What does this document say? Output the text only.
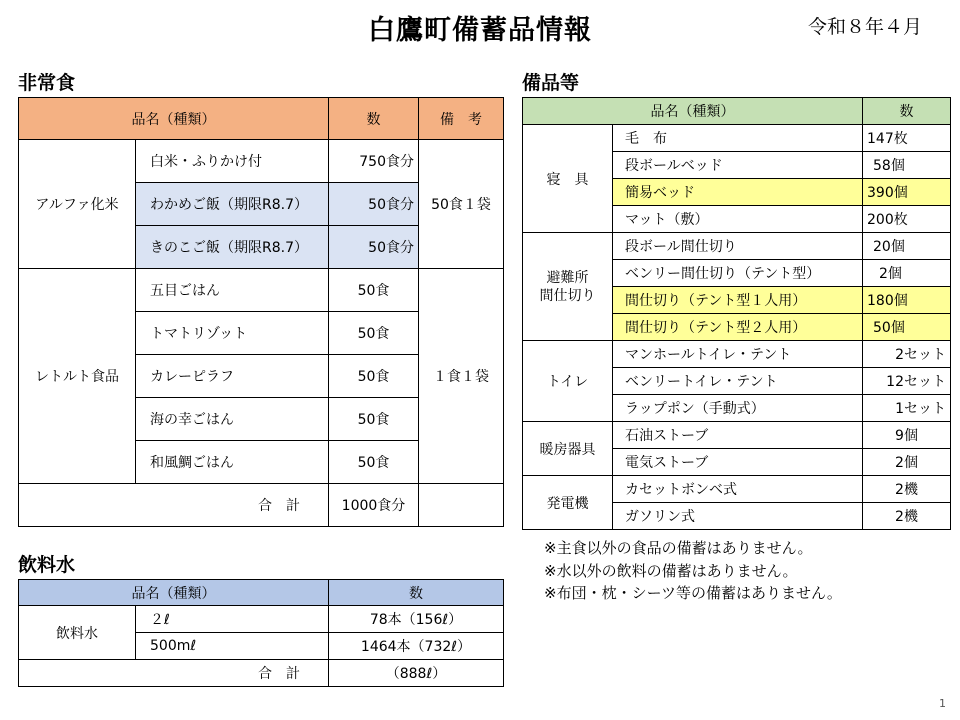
白鷹町備蓄品情報	令和８年４月
非常食
品名（種類）		数	備　考
アルファ化米	白米・ふりかけ付	750食分	50食１袋
	わかめご飯（期限R8.7）	50食分	
	きのこご飯（期限R8.7）	50食分	
レトルト食品	五目ごはん	50食	１食１袋
	トマトリゾット	50食	
	カレーピラフ	50食	
	海の幸ごはん	50食	
	和風鯛ごはん	50食	
合　計		1000食分	
飲料水
品名（種類）		数
飲料水	２ℓ	78本（156ℓ）
	500mℓ	1464本（732ℓ）
合　計		（888ℓ）
備品等
品名（種類）		数
寝　具	毛　布	147枚
	段ボールベッド	58個
	簡易ベッド	390個
	マット（敷）	200枚
避難所
間仕切り	段ボール間仕切り	20個
	ベンリー間仕切り（テント型）	2個
	間仕切り（テント型１人用）	180個
	間仕切り（テント型２人用）	50個
トイレ	マンホールトイレ・テント	2セット
	ベンリートイレ・テント	12セット
	ラップポン（手動式）	1セット
暖房器具	石油ストーブ	9個
	電気ストーブ	2個
発電機	カセットボンベ式	2機
	ガソリン式	2機
※主食以外の食品の備蓄はありません。
※水以外の飲料の備蓄はありません。
※布団・枕・シーツ等の備蓄はありません。
1
